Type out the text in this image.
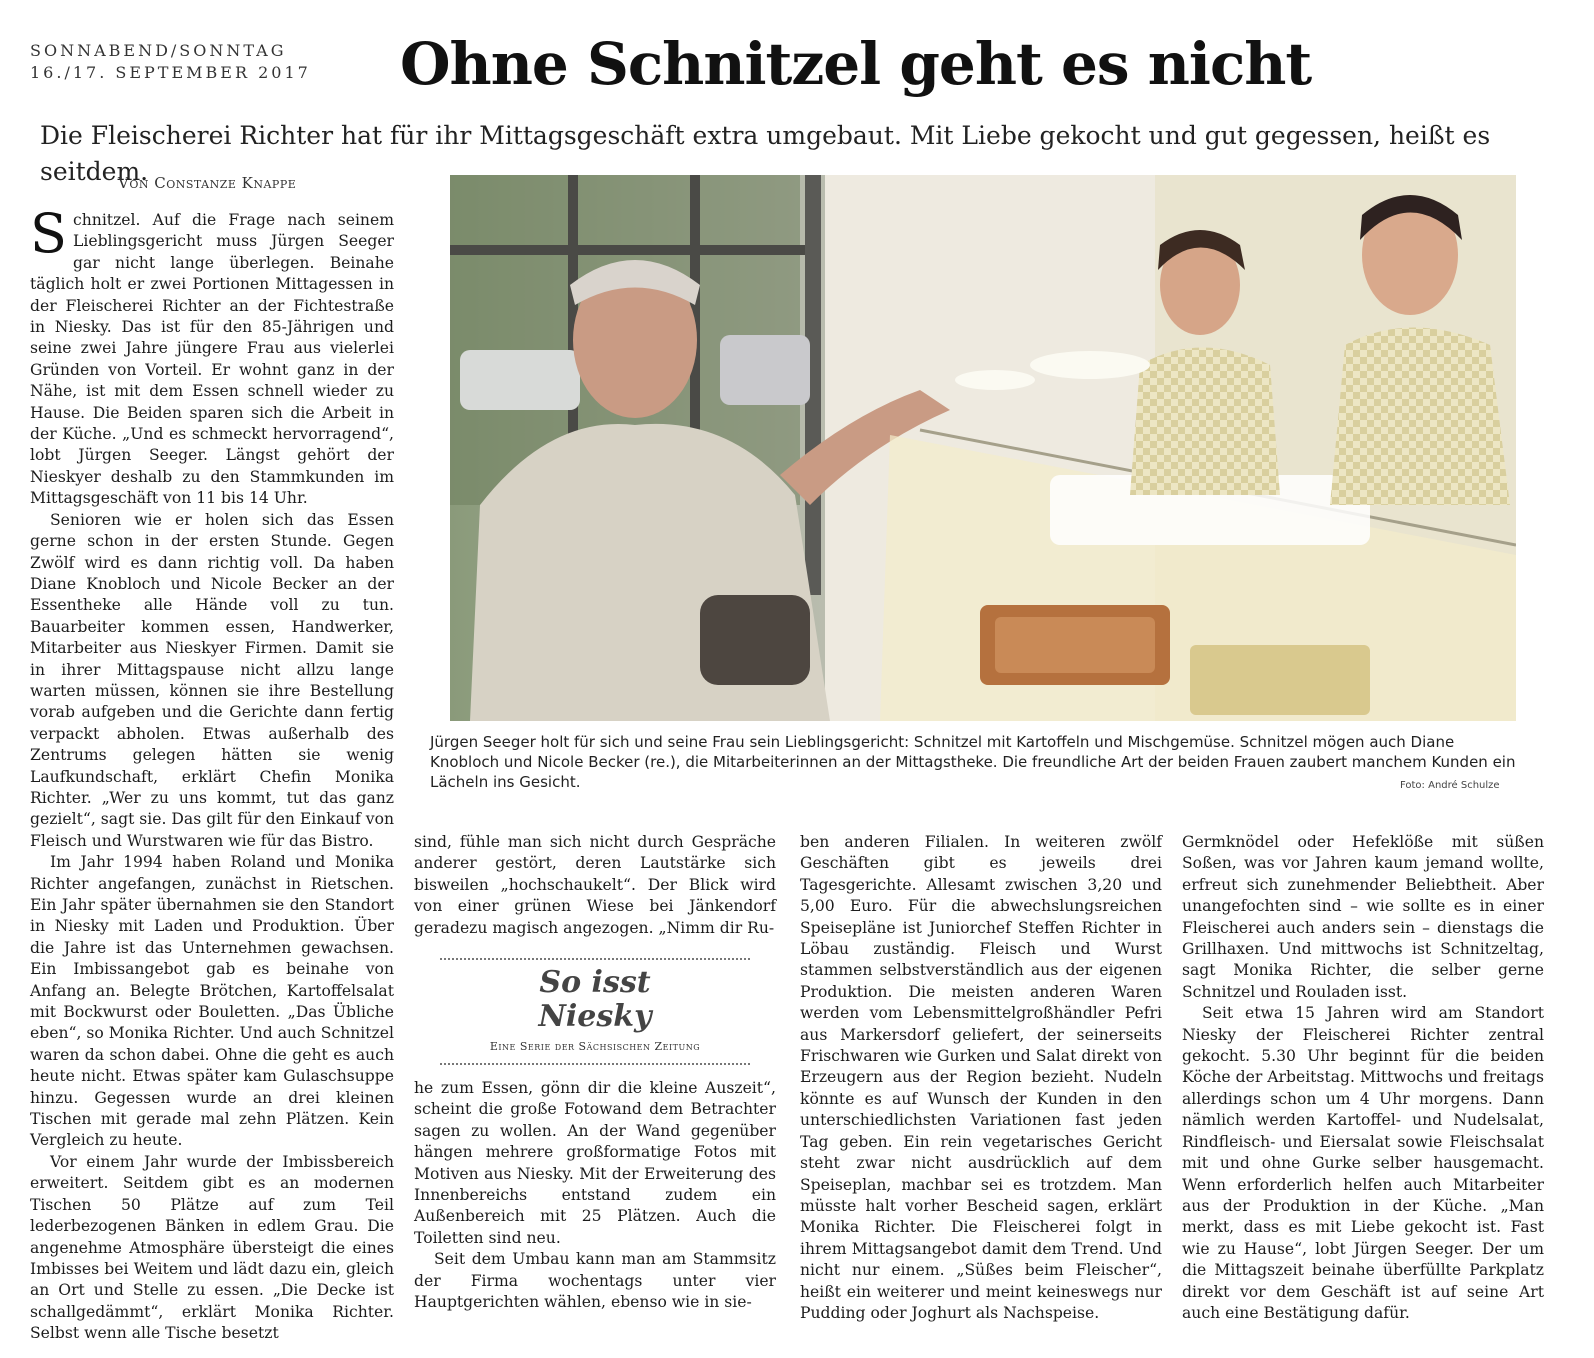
SONNABEND/SONNTAG
16./17. SEPTEMBER 2017	Ohne Schnitzel geht es nicht
Die Fleischerei Richter hat für ihr Mittagsgeschäft extra umgebaut. Mit Liebe gekocht und gut gegessen, heißt es seitdem.
Von Constanze Knappe
Jürgen Seeger holt für sich und seine Frau sein Lieblingsgericht: Schnitzel mit Kartoffeln und Mischgemüse. Schnitzel mögen auch Diane Knobloch und Nicole Becker (re.), die Mitarbeiterinnen an der Mittagstheke. Die freundliche Art der beiden Frauen zaubert manchem Kunden ein Lächeln ins Gesicht.	Foto: André Schulze

Schnitzel. Auf die Frage nach seinem Lieblingsgericht muss Jürgen Seeger gar nicht lange überlegen. Beinahe täglich holt er zwei Portionen Mittagessen in der Fleischerei Richter an der Fichtestraße in Niesky. Das ist für den 85-Jährigen und seine zwei Jahre jüngere Frau aus vielerlei Gründen von Vorteil. Er wohnt ganz in der Nähe, ist mit dem Essen schnell wieder zu Hause. Die Beiden sparen sich die Arbeit in der Küche. „Und es schmeckt hervorragend“, lobt Jürgen Seeger. Längst gehört der Nieskyer deshalb zu den Stammkunden im Mittagsgeschäft von 11 bis 14 Uhr.

Senioren wie er holen sich das Essen gerne schon in der ersten Stunde. Gegen Zwölf wird es dann richtig voll. Da haben Diane Knobloch und Nicole Becker an der Essentheke alle Hände voll zu tun. Bauarbeiter kommen essen, Handwerker, Mitarbeiter aus Nieskyer Firmen. Damit sie in ihrer Mittagspause nicht allzu lange warten müssen, können sie ihre Bestellung vorab aufgeben und die Gerichte dann fertig verpackt abholen. Etwas außerhalb des Zentrums gelegen hätten sie wenig Laufkundschaft, erklärt Chefin Monika Richter. „Wer zu uns kommt, tut das ganz gezielt“, sagt sie. Das gilt für den Einkauf von Fleisch und Wurstwaren wie für das Bistro.

Im Jahr 1994 haben Roland und Monika Richter angefangen, zunächst in Rietschen. Ein Jahr später übernahmen sie den Standort in Niesky mit Laden und Produktion. Über die Jahre ist das Unternehmen gewachsen. Ein Imbissangebot gab es beinahe von Anfang an. Belegte Brötchen, Kartoffelsalat mit Bockwurst oder Bouletten. „Das Übliche eben“, so Monika Richter. Und auch Schnitzel waren da schon dabei. Ohne die geht es auch heute nicht. Etwas später kam Gulaschsuppe hinzu. Gegessen wurde an drei kleinen Tischen mit gerade mal zehn Plätzen. Kein Vergleich zu heute.

Vor einem Jahr wurde der Imbissbereich erweitert. Seitdem gibt es an modernen Tischen 50 Plätze auf zum Teil lederbezogenen Bänken in edlem Grau. Die angenehme Atmosphäre übersteigt die eines Imbisses bei Weitem und lädt dazu ein, gleich an Ort und Stelle zu essen. „Die Decke ist schallgedämmt“, erklärt Monika Richter. Selbst wenn alle Tische besetzt

sind, fühle man sich nicht durch Gespräche anderer gestört, deren Lautstärke sich bisweilen „hochschaukelt“. Der Blick wird von einer grünen Wiese bei Jänkendorf geradezu magisch angezogen. „Nimm dir Ru-

So isst
Niesky
Eine Serie der Sächsischen Zeitung

he zum Essen, gönn dir die kleine Auszeit“, scheint die große Fotowand dem Betrachter sagen zu wollen. An der Wand gegenüber hängen mehrere großformatige Fotos mit Motiven aus Niesky. Mit der Erweiterung des Innenbereichs entstand zudem ein Außenbereich mit 25 Plätzen. Auch die Toiletten sind neu.

Seit dem Umbau kann man am Stammsitz der Firma wochentags unter vier Hauptgerichten wählen, ebenso wie in sie-

ben anderen Filialen. In weiteren zwölf Geschäften gibt es jeweils drei Tagesgerichte. Allesamt zwischen 3,20 und 5,00 Euro. Für die abwechslungsreichen Speisepläne ist Juniorchef Steffen Richter in Löbau zuständig. Fleisch und Wurst stammen selbstverständlich aus der eigenen Produktion. Die meisten anderen Waren werden vom Lebensmittelgroßhändler Pefri aus Markersdorf geliefert, der seinerseits Frischwaren wie Gurken und Salat direkt von Erzeugern aus der Region bezieht. Nudeln könnte es auf Wunsch der Kunden in den unterschiedlichsten Variationen fast jeden Tag geben. Ein rein vegetarisches Gericht steht zwar nicht ausdrücklich auf dem Speiseplan, machbar sei es trotzdem. Man müsste halt vorher Bescheid sagen, erklärt Monika Richter. Die Fleischerei folgt in ihrem Mittagsangebot damit dem Trend. Und nicht nur einem. „Süßes beim Fleischer“, heißt ein weiterer und meint keineswegs nur Pudding oder Joghurt als Nachspeise.

Germknödel oder Hefeklöße mit süßen Soßen, was vor Jahren kaum jemand wollte, erfreut sich zunehmender Beliebtheit. Aber unangefochten sind – wie sollte es in einer Fleischerei auch anders sein – dienstags die Grillhaxen. Und mittwochs ist Schnitzeltag, sagt Monika Richter, die selber gerne Schnitzel und Rouladen isst.

Seit etwa 15 Jahren wird am Standort Niesky der Fleischerei Richter zentral gekocht. 5.30 Uhr beginnt für die beiden Köche der Arbeitstag. Mittwochs und freitags allerdings schon um 4 Uhr morgens. Dann nämlich werden Kartoffel- und Nudelsalat, Rindfleisch- und Eiersalat sowie Fleischsalat mit und ohne Gurke selber hausgemacht. Wenn erforderlich helfen auch Mitarbeiter aus der Produktion in der Küche. „Man merkt, dass es mit Liebe gekocht ist. Fast wie zu Hause“, lobt Jürgen Seeger. Der um die Mittagszeit beinahe überfüllte Parkplatz direkt vor dem Geschäft ist auf seine Art auch eine Bestätigung dafür.
